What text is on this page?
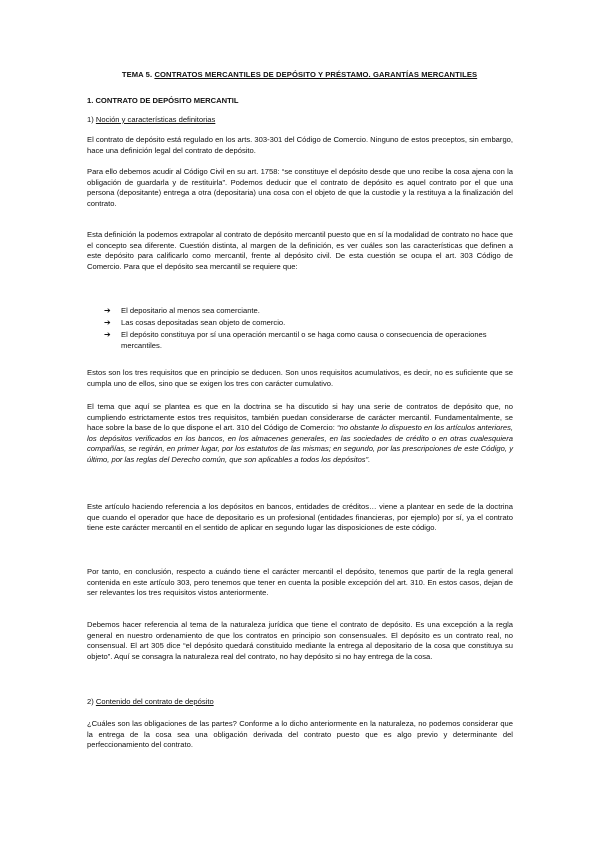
TEMA 5. CONTRATOS MERCANTILES DE DEPÓSITO Y PRÉSTAMO. GARANTÍAS MERCANTILES
1. CONTRATO DE DEPÓSITO MERCANTIL
1) Noción y características definitorias
El contrato de depósito está regulado en los arts. 303-301 del Código de Comercio. Ninguno de estos preceptos, sin embargo, hace una definición legal del contrato de depósito.
Para ello debemos acudir al Código Civil en su art. 1758: “se constituye el depósito desde que uno recibe la cosa ajena con la obligación de guardarla y de restituirla”. Podemos deducir que el contrato de depósito es aquel contrato por el que una persona (depositante) entrega a otra (depositaria) una cosa con el objeto de que la custodie y la restituya a la finalización del contrato.
Esta definición la podemos extrapolar al contrato de depósito mercantil puesto que en sí la modalidad de contrato no hace que el concepto sea diferente. Cuestión distinta, al margen de la definición, es ver cuáles son las características que definen a este depósito para calificarlo como mercantil, frente al depósito civil. De esta cuestión se ocupa el art. 303 Código de Comercio. Para que el depósito sea mercantil se requiere que:
➔ El depositario al menos sea comerciante.
➔ Las cosas depositadas sean objeto de comercio.
➔ El depósito constituya por sí una operación mercantil o se haga como causa o consecuencia de operaciones mercantiles.
Estos son los tres requisitos que en principio se deducen. Son unos requisitos acumulativos, es decir, no es suficiente que se cumpla uno de ellos, sino que se exigen los tres con carácter cumulativo.
El tema que aquí se plantea es que en la doctrina se ha discutido si hay una serie de contratos de depósito que, no cumpliendo estrictamente estos tres requisitos, también puedan considerarse de carácter mercantil. Fundamentalmente, se hace sobre la base de lo que dispone el art. 310 del Código de Comercio: “no obstante lo dispuesto en los artículos anteriores, los depósitos verificados en los bancos, en los almacenes generales, en las sociedades de crédito o en otras cualesquiera compañías, se regirán, en primer lugar, por los estatutos de las mismas; en segundo, por las prescripciones de este Código, y último, por las reglas del Derecho común, que son aplicables a todos los depósitos”.
Este artículo haciendo referencia a los depósitos en bancos, entidades de créditos… viene a plantear en sede de la doctrina que cuando el operador que hace de depositario es un profesional (entidades financieras, por ejemplo) por sí, ya el contrato tiene este carácter mercantil en el sentido de aplicar en segundo lugar las disposiciones de este código.
Por tanto, en conclusión, respecto a cuándo tiene el carácter mercantil el depósito, tenemos que partir de la regla general contenida en este artículo 303, pero tenemos que tener en cuenta la posible excepción del art. 310. En estos casos, dejan de ser relevantes los tres requisitos vistos anteriormente.
Debemos hacer referencia al tema de la naturaleza jurídica que tiene el contrato de depósito. Es una excepción a la regla general en nuestro ordenamiento de que los contratos en principio son consensuales. El depósito es un contrato real, no consensual. El art 305 dice “el depósito quedará constituido mediante la entrega al depositario de la cosa que constituya su objeto”. Aquí se consagra la naturaleza real del contrato, no hay depósito si no hay entrega de la cosa.
2) Contenido del contrato de depósito
¿Cuáles son las obligaciones de las partes? Conforme a lo dicho anteriormente en la naturaleza, no podemos considerar que la entrega de la cosa sea una obligación derivada del contrato puesto que es algo previo y determinante del perfeccionamiento del contrato.
